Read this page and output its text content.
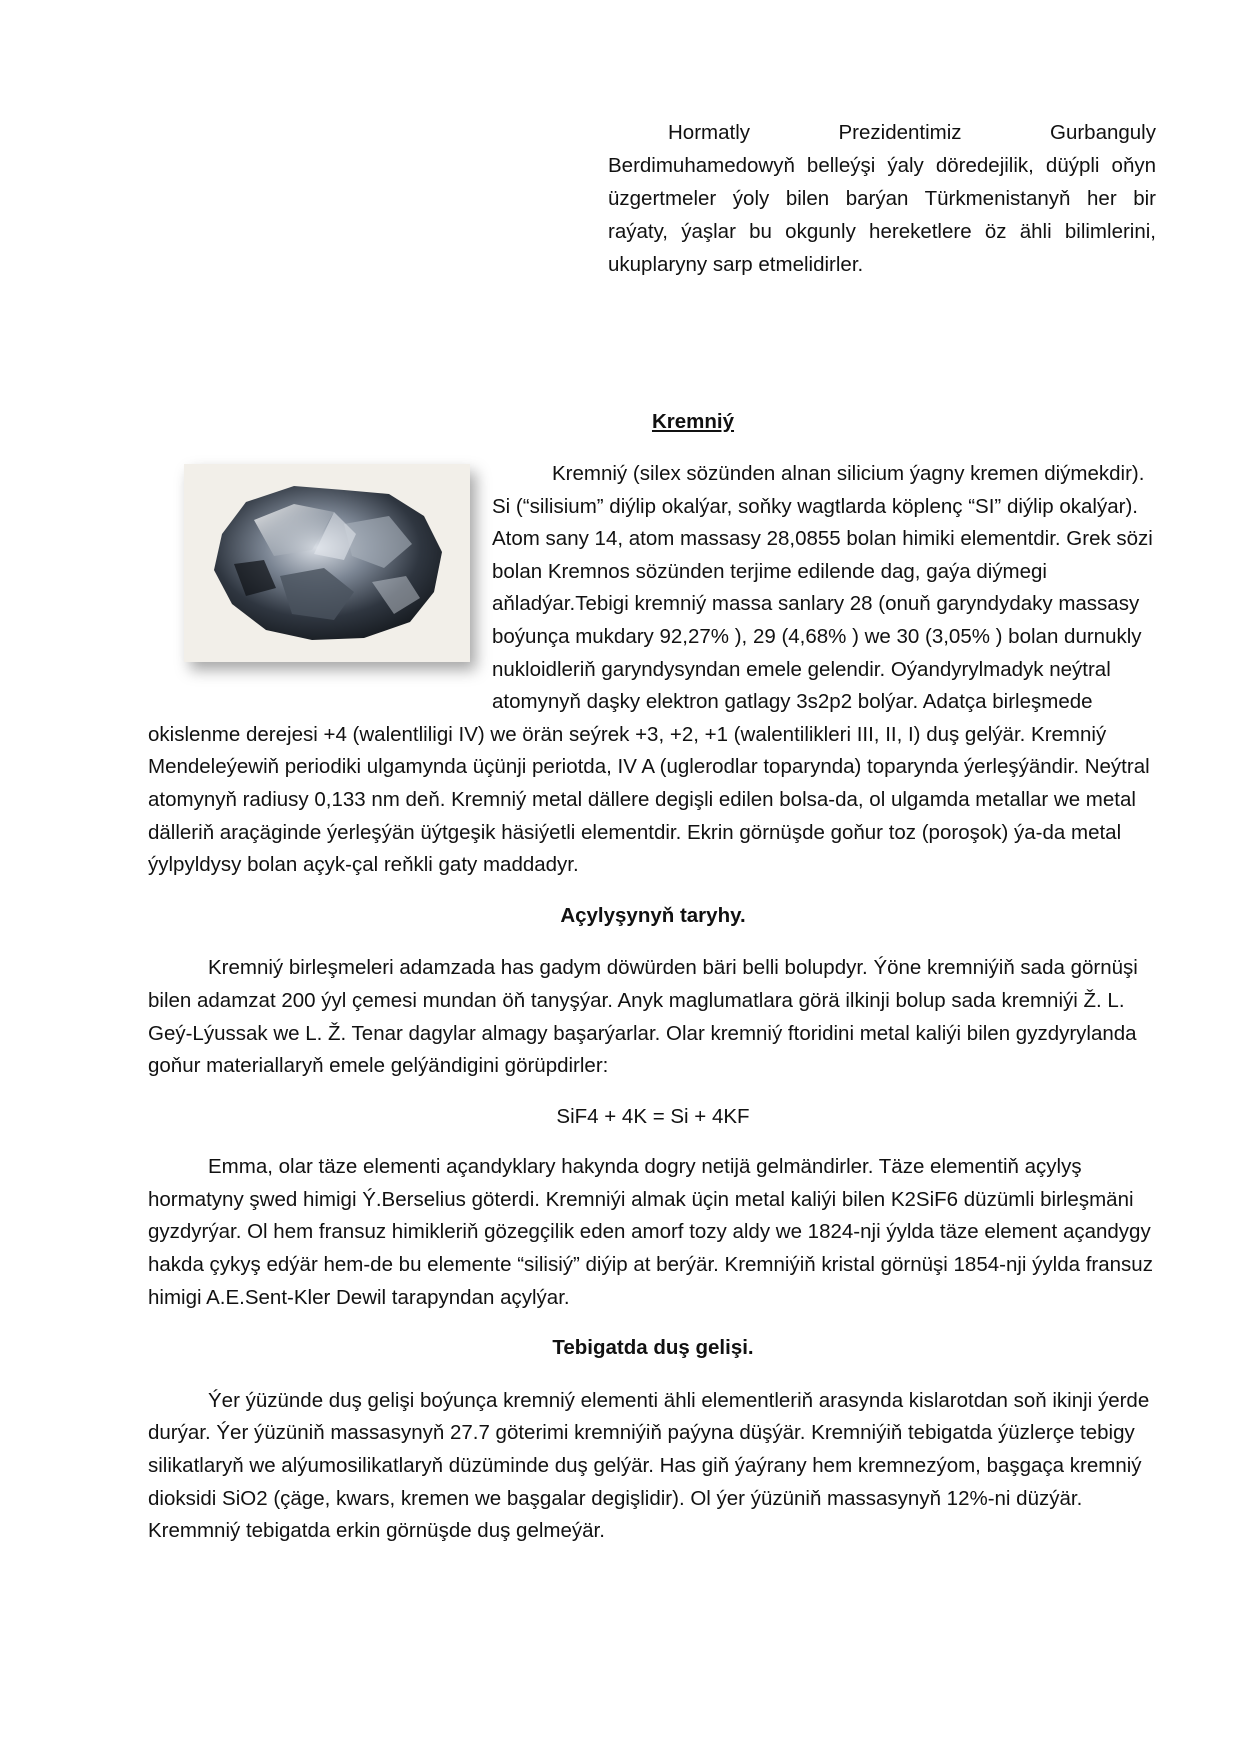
Hormatly Prezidentimiz Gurbanguly Berdimuhamedowyň belleýşi ýaly döredejilik, düýpli oňyn üzgertmeler ýoly bilen barýan Türkmenistanyň her bir raýaty, ýaşlar bu okgunly hereketlere öz ähli bilimlerini, ukuplaryny sarp etmelidirler.

Kremniý

Kremniý (silex sözünden alnan silicium ýagny kremen diýmekdir). Si (“silisium” diýlip okalýar, soňky wagtlarda köplenç “SI” diýlip okalýar). Atom sany 14, atom massasy 28,0855 bolan himiki elementdir. Grek sözi bolan Kremnos sözünden terjime edilende dag, gaýa diýmegi aňladýar.Tebigi kremniý massa sanlary 28 (onuň garyndydaky massasy boýunça mukdary 92,27% ), 29 (4,68% ) we 30 (3,05% ) bolan durnukly nukloidleriň garyndysyndan emele gelendir. Oýandyrylmadyk neýtral atomynyň daşky elektron gatlagy 3s2p2 bolýar. Adatça birleşmede okislenme derejesi +4 (walentliligi IV) we örän seýrek +3, +2, +1 (walentilikleri III, II, I) duş gelýär. Kremniý Mendeleýewiň periodiki ulgamynda üçünji periotda, IV A (uglerodlar toparynda) toparynda ýerleşýändir. Neýtral atomynyň radiusy 0,133 nm deň. Kremniý metal dällere degişli edilen bolsa-da, ol ulgamda metallar we metal dälleriň araçäginde ýerleşýän üýtgeşik häsiýetli elementdir. Ekrin görnüşde goňur toz (poroşok) ýa-da metal ýylpyldysy bolan açyk-çal reňkli gaty maddadyr.

Açylyşynyň taryhy.

Kremniý birleşmeleri adamzada has gadym döwürden bäri belli bolupdyr. Ýöne kremniýiň sada görnüşi bilen adamzat 200 ýyl çemesi mundan öň tanyşýar. Anyk maglumatlara görä ilkinji bolup sada kremniýi Ž. L. Geý-Lýussak we L. Ž. Tenar dagylar almagy başarýarlar. Olar kremniý ftoridini metal kaliýi bilen gyzdyrylanda goňur materiallaryň emele gelýändigini görüpdirler:

SiF4 + 4K = Si + 4KF

Emma, olar täze elementi açandyklary hakynda dogry netijä gelmändirler. Täze elementiň açylyş hormatyny şwed himigi Ý.Berselius göterdi. Kremniýi almak üçin metal kaliýi bilen K2SiF6 düzümli birleşmäni gyzdyrýar. Ol hem fransuz himikleriň gözegçilik eden amorf tozy aldy we 1824-nji ýylda täze element açandygy hakda çykyş edýär hem-de bu elemente “silisiý” diýip at berýär. Kremniýiň kristal görnüşi 1854-nji ýylda fransuz himigi A.E.Sent-Kler Dewil tarapyndan açylýar.

Tebigatda duş gelişi.

Ýer ýüzünde duş gelişi boýunça kremniý elementi ähli elementleriň arasynda kislarotdan soň ikinji ýerde durýar. Ýer ýüzüniň massasynyň 27.7 göterimi kremniýiň paýyna düşýär. Kremniýiň tebigatda ýüzlerçe tebigy silikatlaryň we alýumosilikatlaryň düzüminde duş gelýär. Has giň ýaýrany hem kremnezýom, başgaça kremniý dioksidi SiO2 (çäge, kwars, kremen we başgalar degişlidir). Ol ýer ýüzüniň massasynyň 12%-ni düzýär. Kremmniý tebigatda erkin görnüşde duş gelmeýär.
